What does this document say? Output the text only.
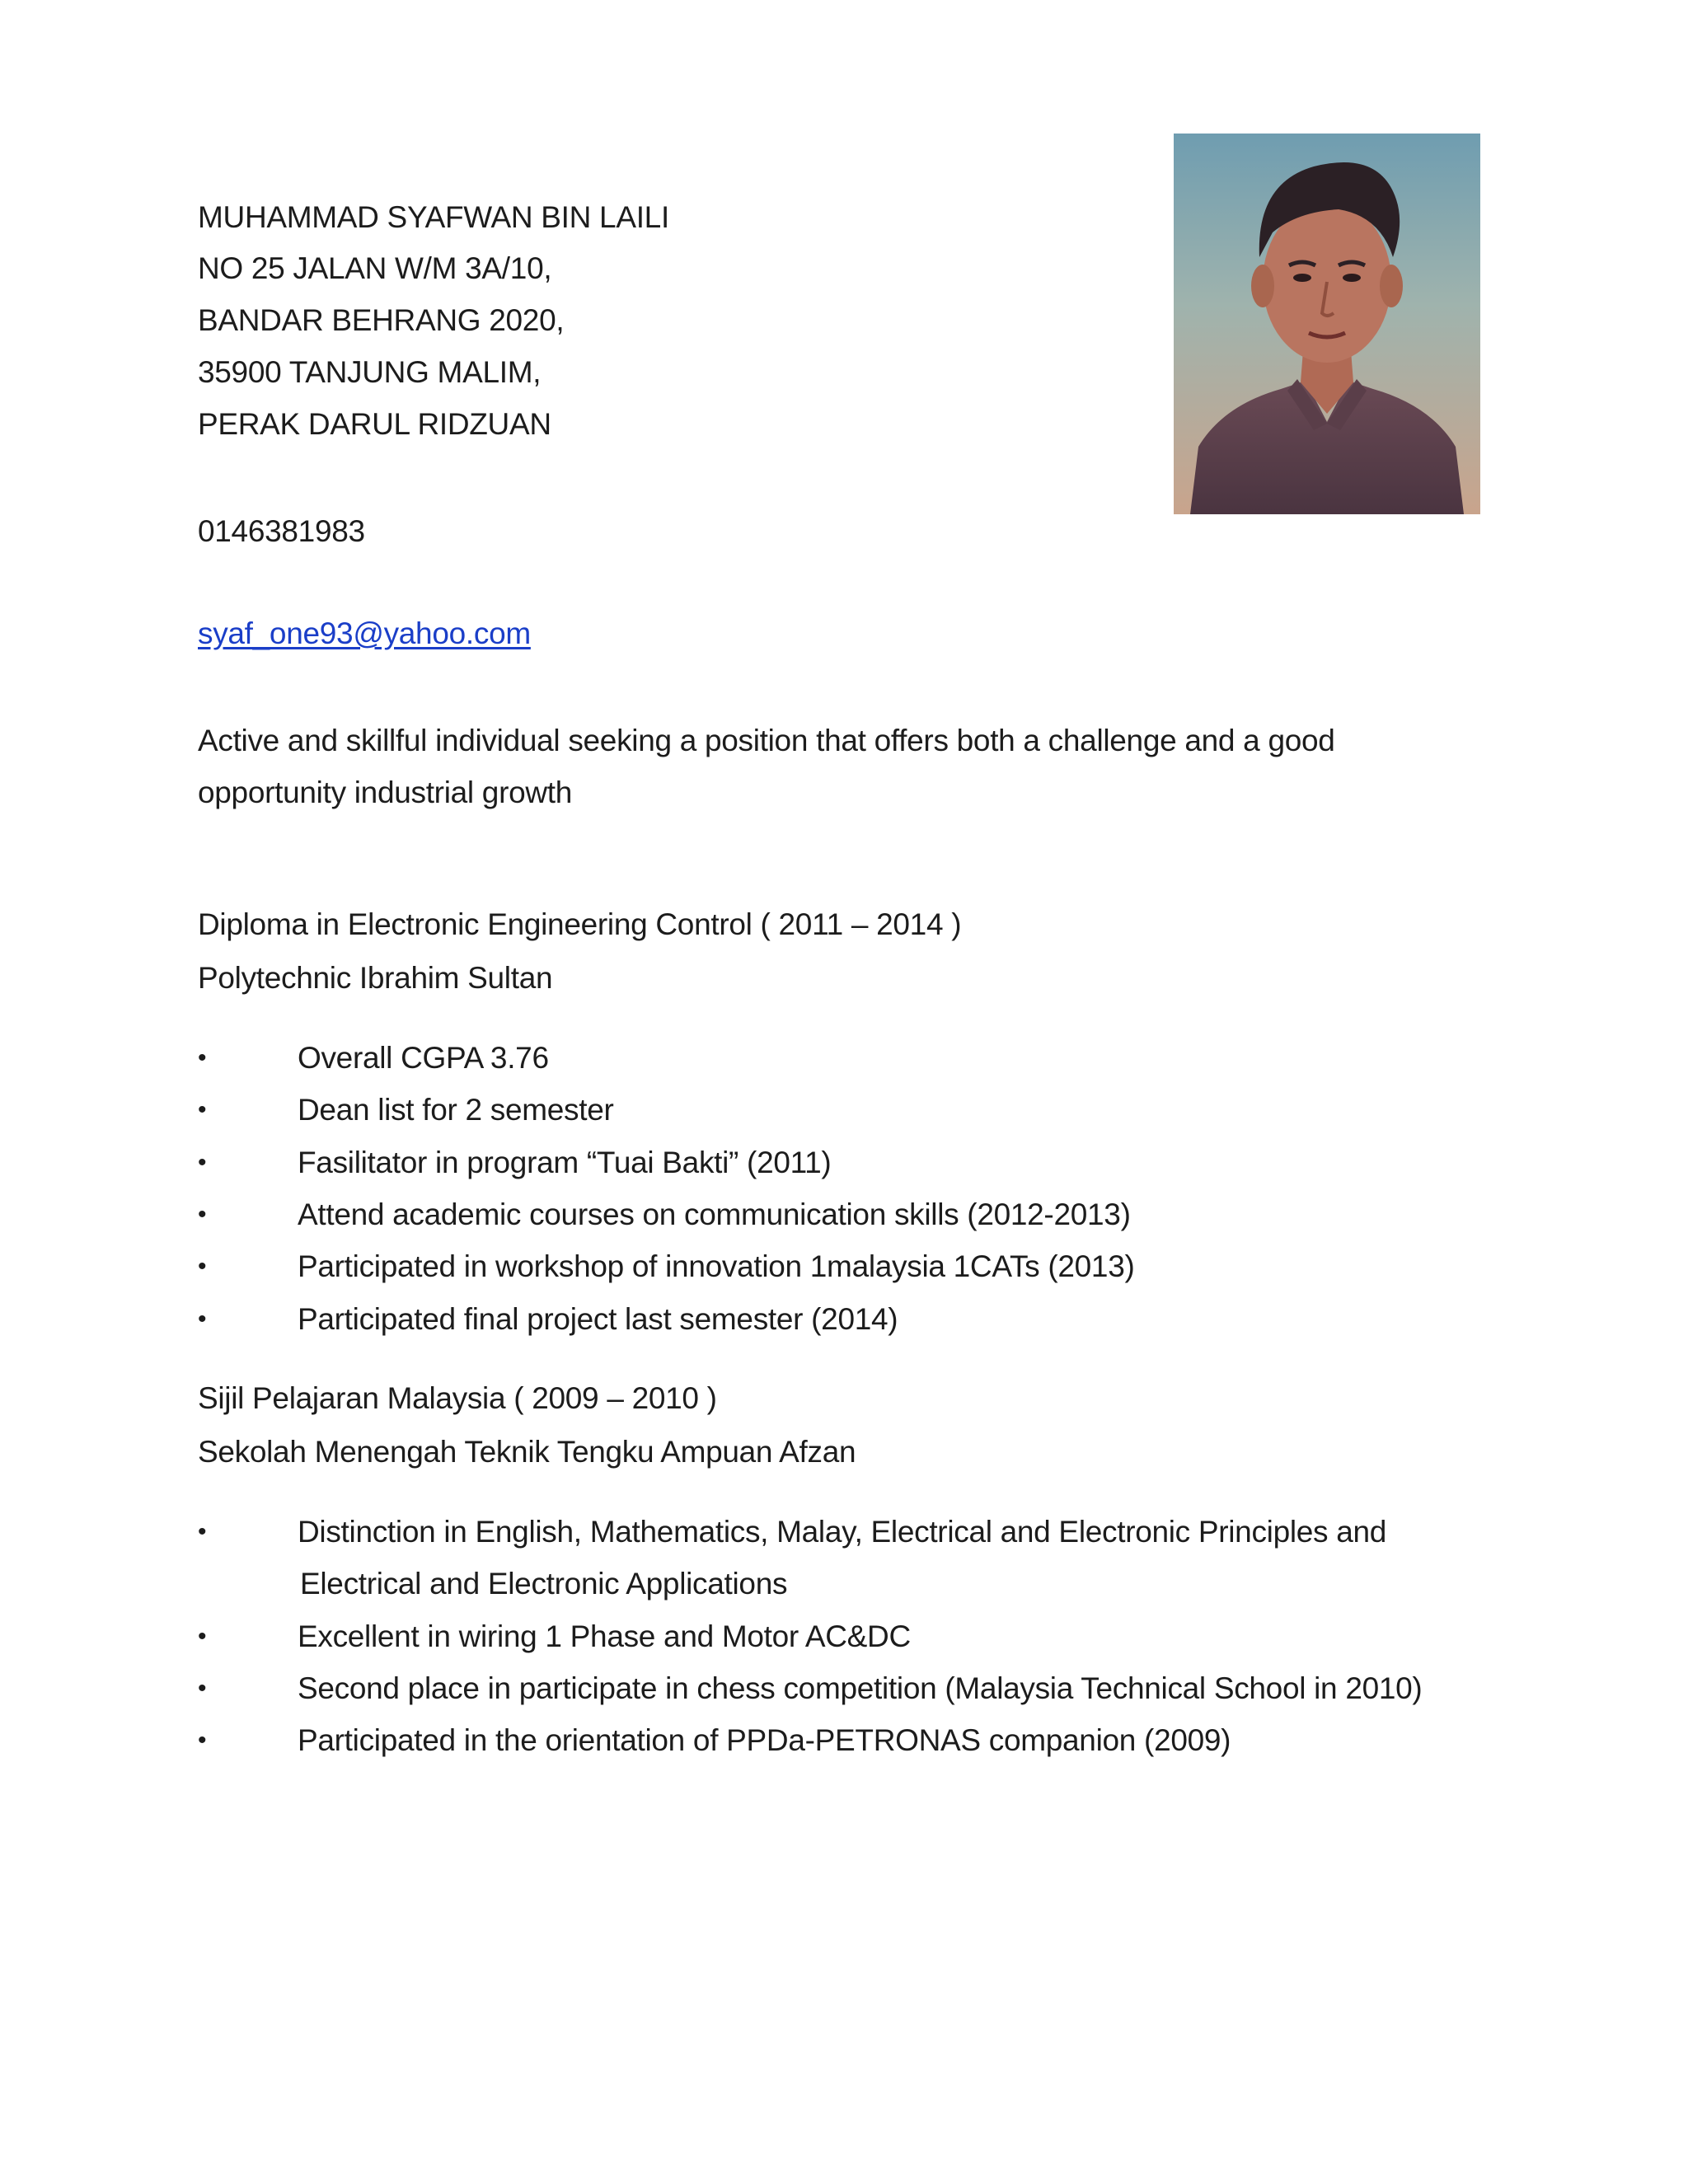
MUHAMMAD SYAFWAN BIN LAILI
NO 25 JALAN W/M 3A/10,
BANDAR BEHRANG 2020,
35900 TANJUNG MALIM,
PERAK DARUL RIDZUAN
0146381983
syaf_one93@yahoo.com
Active and skillful individual seeking a position that offers both a challenge and a good
opportunity industrial growth
Diploma in Electronic Engineering Control ( 2011 – 2014 )
Polytechnic Ibrahim Sultan
•	Overall CGPA 3.76
•	Dean list for 2 semester
•	Fasilitator in program “Tuai Bakti” (2011)
•	Attend academic courses on communication skills (2012-2013)
•	Participated in workshop of innovation 1malaysia 1CATs (2013)
•	Participated final project last semester (2014)
Sijil Pelajaran Malaysia ( 2009 – 2010 )
Sekolah Menengah Teknik Tengku Ampuan Afzan
•	Distinction in English, Mathematics, Malay, Electrical and Electronic Principles and
Electrical and Electronic Applications
•	Excellent in wiring 1 Phase and Motor AC&DC
•	Second place in participate in chess competition (Malaysia Technical School in 2010)
•	Participated in the orientation of PPDa-PETRONAS companion (2009)
